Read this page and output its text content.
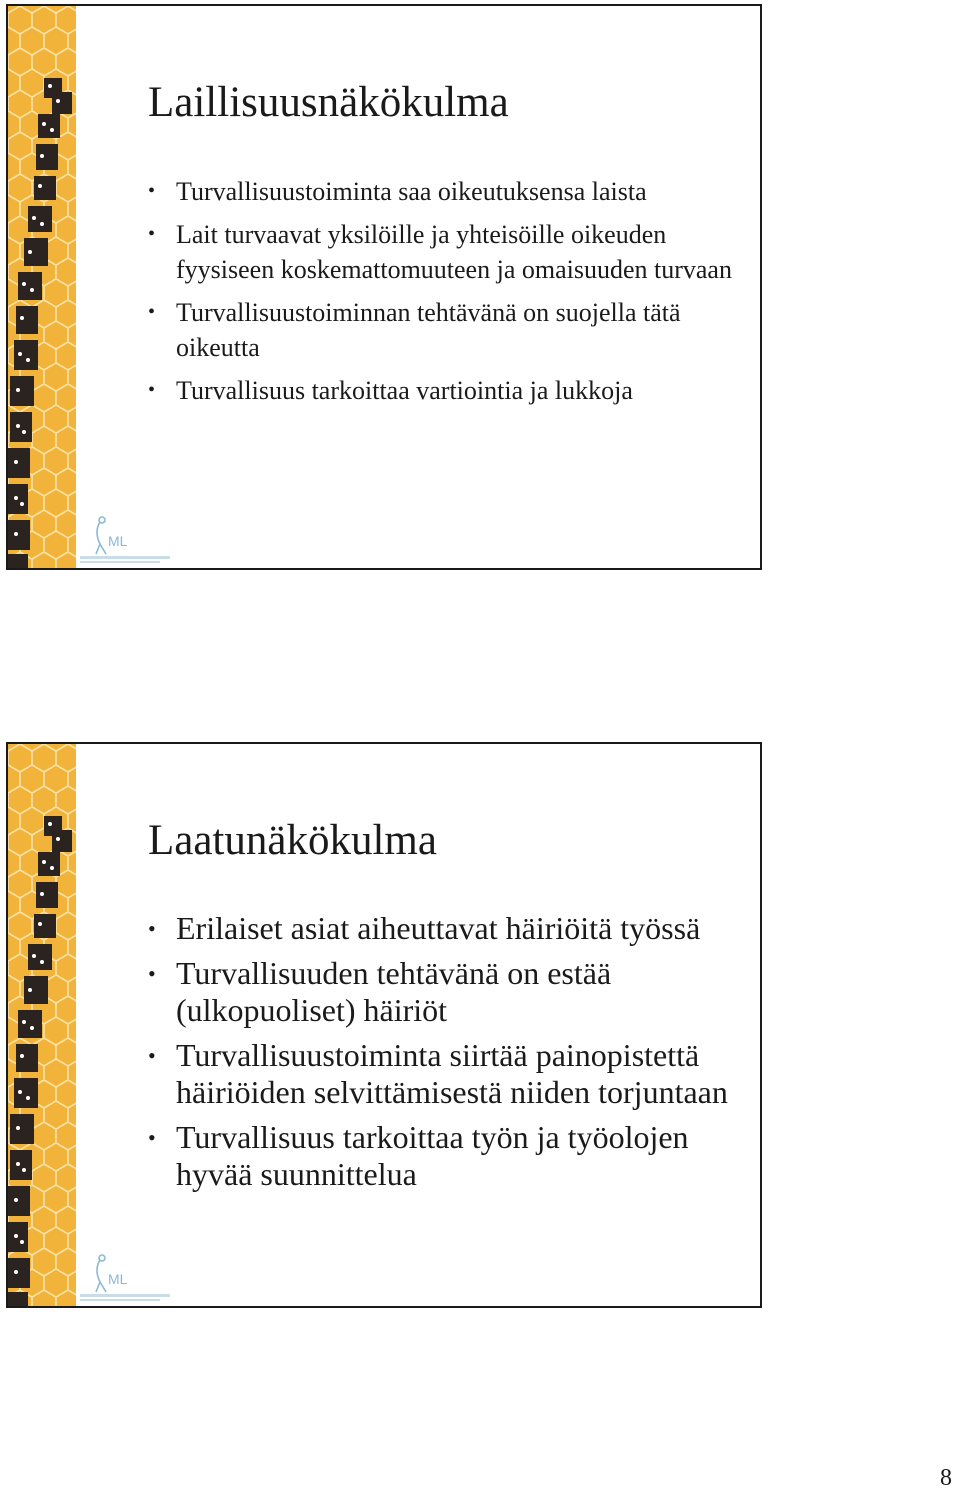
ML
Laillisuusnäkökulma
• Turvallisuustoiminta saa oikeutuksensa laista
• Lait turvaavat yksilöille ja yhteisöille oikeuden fyysiseen koskemattomuuteen ja omaisuuden turvaan
• Turvallisuustoiminnan tehtävänä on suojella tätä oikeutta
• Turvallisuus tarkoittaa vartiointia ja lukkoja
ML
Laatunäkökulma
• Erilaiset asiat aiheuttavat häiriöitä työssä
• Turvallisuuden tehtävänä on estää (ulkopuoliset) häiriöt
• Turvallisuustoiminta siirtää painopistettä häiriöiden selvittämisestä niiden torjuntaan
• Turvallisuus tarkoittaa työn ja työolojen hyvää suunnittelua
8
